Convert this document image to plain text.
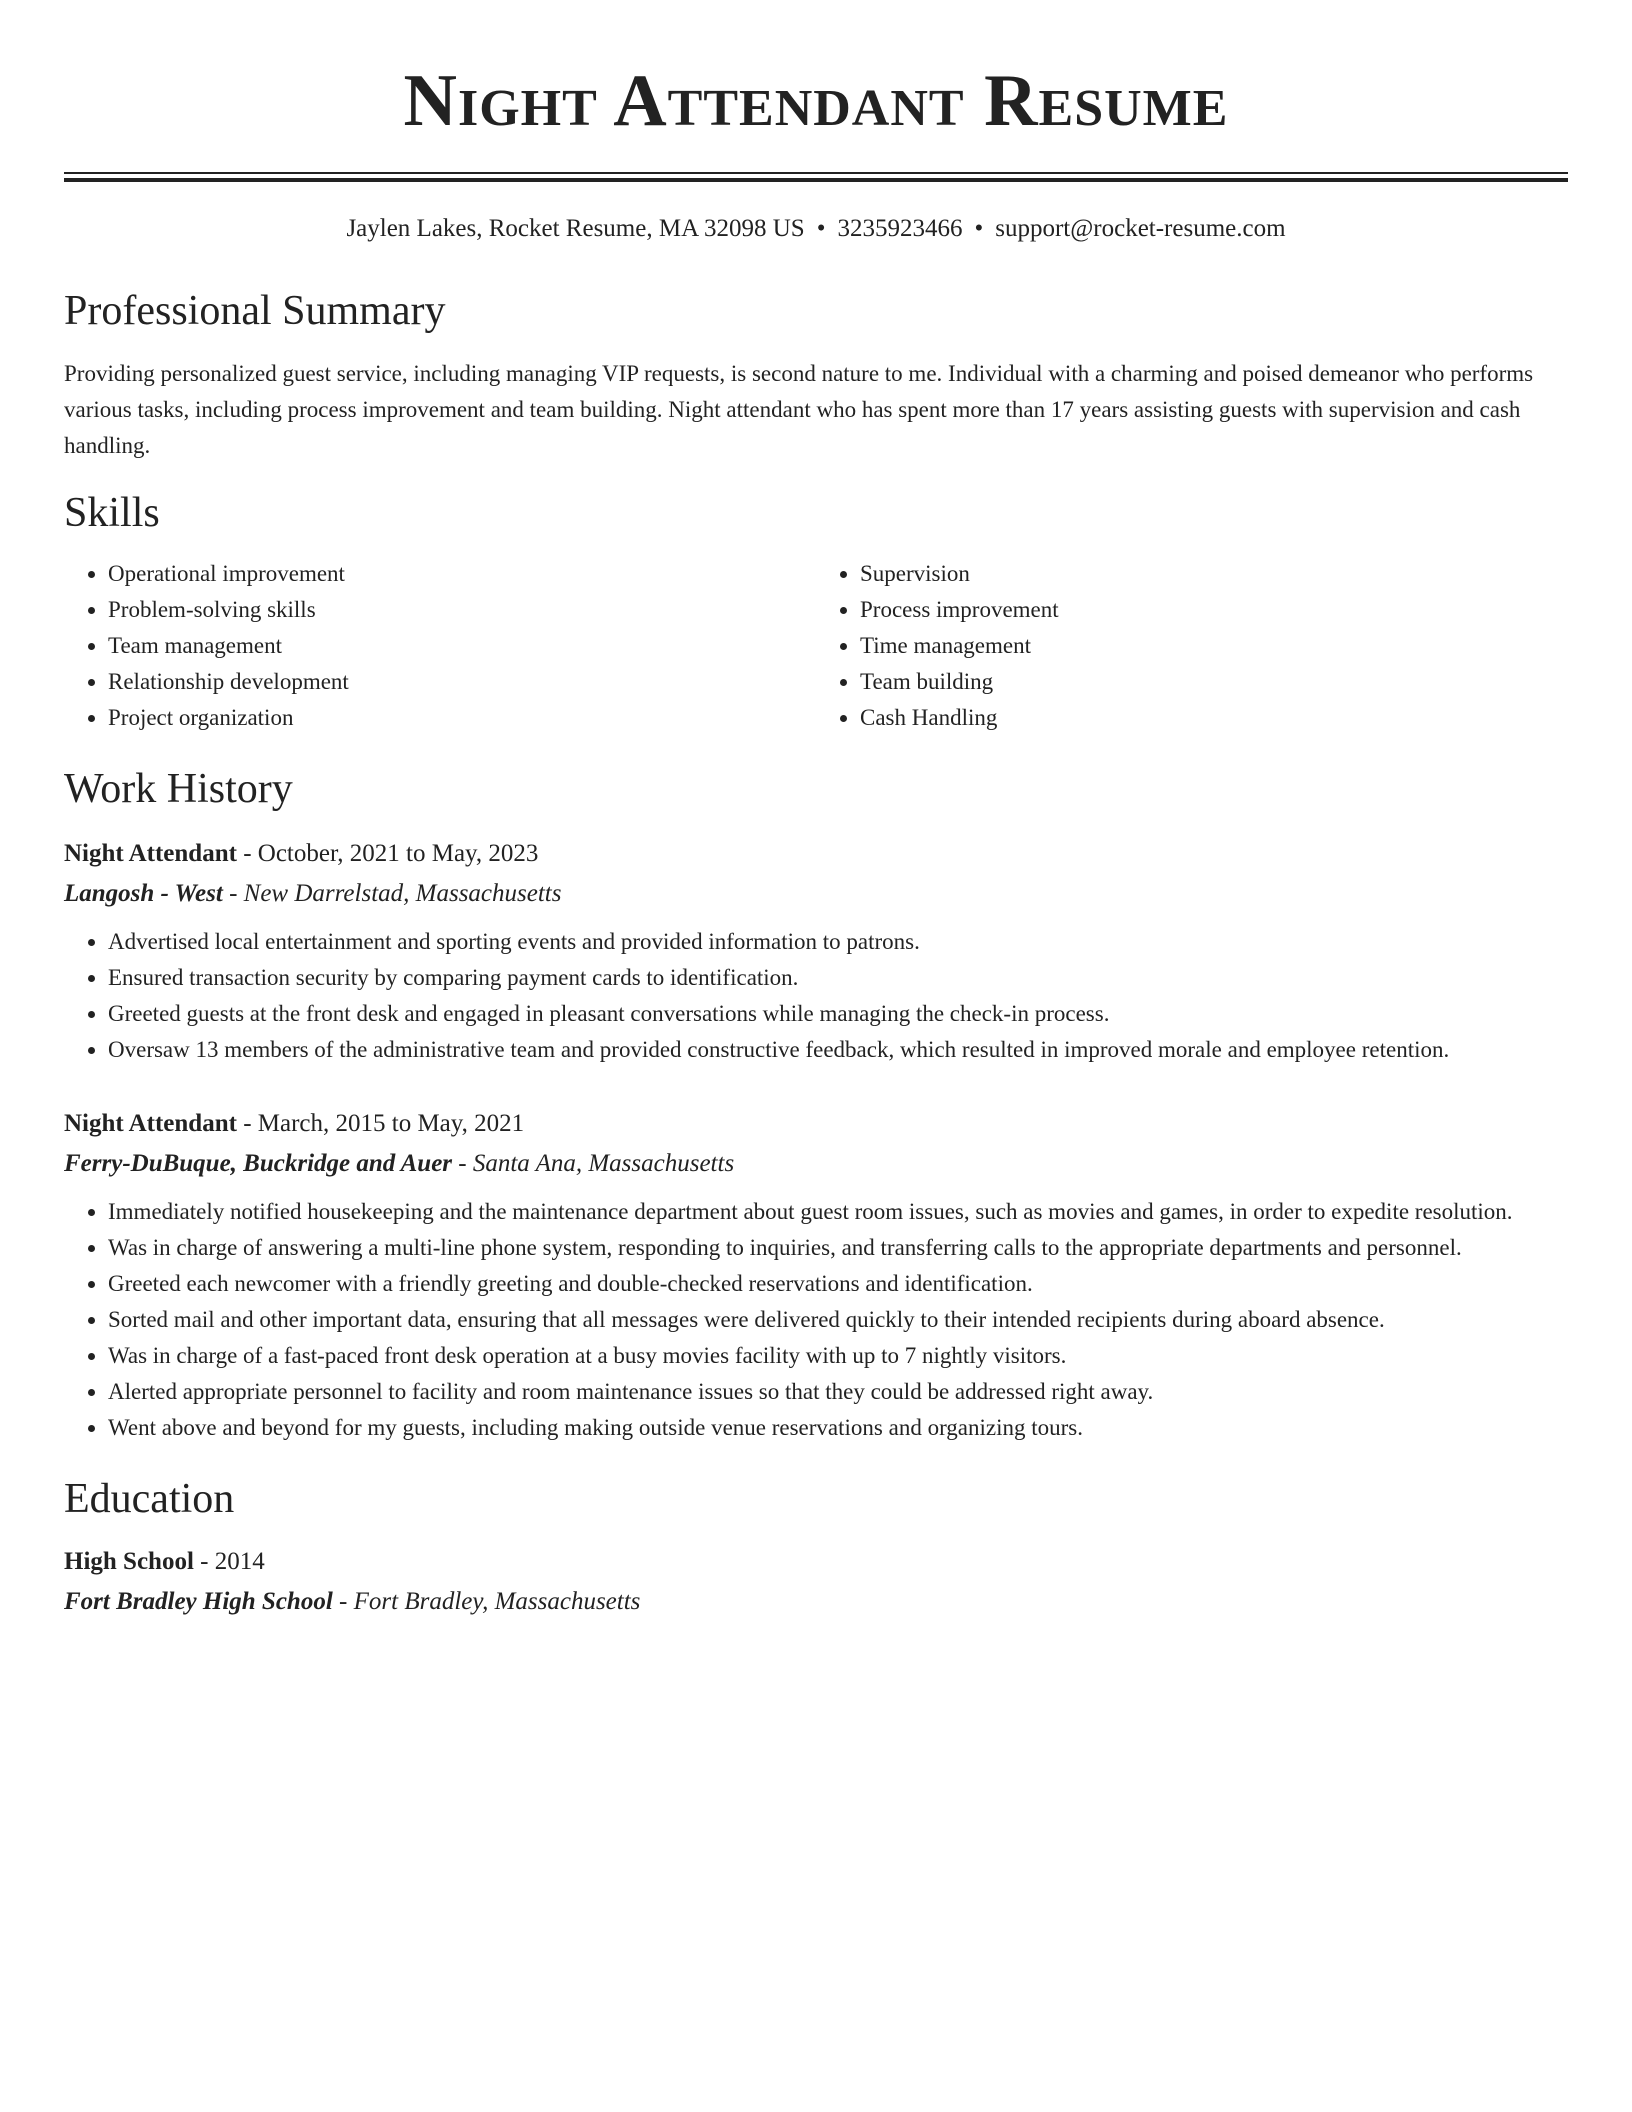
Night Attendant Resume
Jaylen Lakes, Rocket Resume, MA 32098 US • 3235923466 • support@rocket-resume.com
Professional Summary

Providing personalized guest service, including managing VIP requests, is second nature to me. Individual with a charming and poised demeanor who performs various tasks, including process improvement and team building. Night attendant who has spent more than 17 years assisting guests with supervision and cash handling.

Skills
• Operational improvement
• Problem-solving skills
• Team management
• Relationship development
• Project organization
• Supervision
• Process improvement
• Time management
• Team building
• Cash Handling
Work History
Night Attendant - October, 2021 to May, 2023
Langosh - West - New Darrelstad, Massachusetts
• Advertised local entertainment and sporting events and provided information to patrons.
• Ensured transaction security by comparing payment cards to identification.
• Greeted guests at the front desk and engaged in pleasant conversations while managing the check-in process.
• Oversaw 13 members of the administrative team and provided constructive feedback, which resulted in improved morale and employee retention.
Night Attendant - March, 2015 to May, 2021
Ferry-DuBuque, Buckridge and Auer - Santa Ana, Massachusetts
• Immediately notified housekeeping and the maintenance department about guest room issues, such as movies and games, in order to expedite resolution.
• Was in charge of answering a multi-line phone system, responding to inquiries, and transferring calls to the appropriate departments and personnel.
• Greeted each newcomer with a friendly greeting and double-checked reservations and identification.
• Sorted mail and other important data, ensuring that all messages were delivered quickly to their intended recipients during aboard absence.
• Was in charge of a fast-paced front desk operation at a busy movies facility with up to 7 nightly visitors.
• Alerted appropriate personnel to facility and room maintenance issues so that they could be addressed right away.
• Went above and beyond for my guests, including making outside venue reservations and organizing tours.
Education
High School - 2014
Fort Bradley High School - Fort Bradley, Massachusetts
